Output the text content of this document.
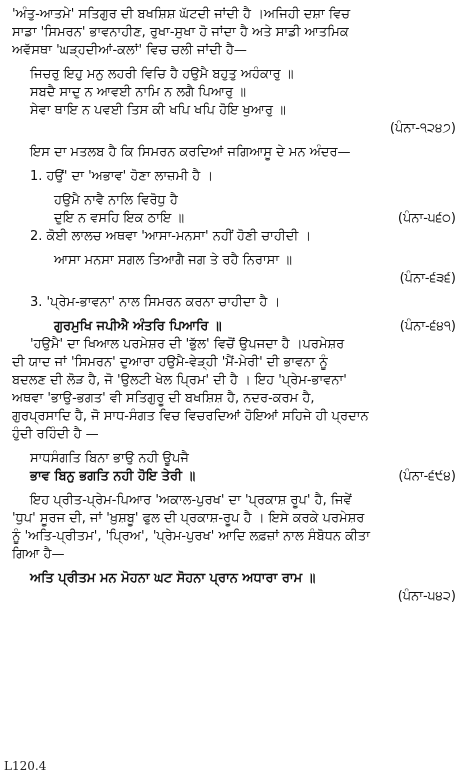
'ਅੰਤੁ-ਆਤਮੇ' ਸਤਿਗੁਰ ਦੀ ਬਖਸ਼ਿਸ਼ ਘੱਟਦੀ ਜਾਂਦੀ ਹੈ ।ਅਜਿਹੀ ਦਸ਼ਾ ਵਿਚ
ਸਾਡਾ 'ਸਿਮਰਨ' ਭਾਵਨਾਹੀਣ, ਰੁਖਾ-ਸੁਖਾ ਹੋ ਜਾਂਦਾ ਹੈ ਅਤੇ ਸਾਡੀ ਆਤਮਿਕ
ਅਵੱਸਥਾ 'ਘੜ੍ਹਦੀਆਂ-ਕਲਾਂ' ਵਿਚ ਚਲੀ ਜਾਂਦੀ ਹੈ—
ਜਿਚਰੁ ਇਹੁ ਮਨੁ ਲਹਰੀ ਵਿਚਿ ਹੈ ਹਉਮੈ ਬਹੁਤੁ ਅਹੰਕਾਰੁ ॥
ਸਬਦੈ ਸਾਦੁ ਨ ਆਵਈ ਨਾਮਿ ਨ ਲਗੈ ਪਿਆਰੁ ॥
ਸੇਵਾ ਥਾਇ ਨ ਪਵਈ ਤਿਸ ਕੀ ਖਪਿ ਖਪਿ ਹੋਇ ਖੁਆਰੁ ॥
(ਪੰਨਾ-੧੨੪੭)
ਇਸ ਦਾ ਮਤਲਬ ਹੈ ਕਿ ਸਿਮਰਨ ਕਰਦਿਆਂ ਜਗਿਆਸੂ ਦੇ ਮਨ ਅੰਦਰ—
1. ਹਉਂ' ਦਾ 'ਅਭਾਵ' ਹੋਣਾ ਲਾਜ਼ਮੀ ਹੈ ।
ਹਉਮੈ ਨਾਵੈ ਨਾਲਿ ਵਿਰੋਧੁ ਹੈ
ਦੁਇ ਨ ਵਸਹਿ ਇਕ ਠਾਇ ॥	(ਪੰਨਾ-੫੬੦)
2. ਕੋਈ ਲਾਲਚ ਅਥਵਾ 'ਆਸਾ-ਮਨਸਾ' ਨਹੀਂ ਹੋਣੀ ਚਾਹੀਦੀ ।
ਆਸਾ ਮਨਸਾ ਸਗਲ ਤਿਆਗੈ ਜਗ ਤੇ ਰਹੈ ਨਿਰਾਸਾ ॥
(ਪੰਨਾ-੬੩੬)
3. 'ਪ੍ਰੇਮ-ਭਾਵਨਾ' ਨਾਲ ਸਿਮਰਨ ਕਰਨਾ ਚਾਹੀਦਾ ਹੈ ।
ਗੁਰਮੁਖਿ ਜਪੀਐ ਅੰਤਰਿ ਪਿਆਰਿ ॥	(ਪੰਨਾ-੬੪੧)
'ਹਉਮੈ' ਦਾ ਖਿਆਲ ਪਰਮੇਸ਼ਰ ਦੀ 'ਭੁੱਲ' ਵਿਚੋਂ ਉਪਜਦਾ ਹੈ ।ਪਰਮੇਸ਼ਰ
ਦੀ ਯਾਦ ਜਾਂ 'ਸਿਮਰਨ' ਦੁਆਰਾ ਹਉਮੈ-ਵੇੜ੍ਹੀ 'ਮੈਂ-ਮੇਰੀ' ਦੀ ਭਾਵਨਾ ਨੂੰ
ਬਦਲਣ ਦੀ ਲੋੜ ਹੈ, ਜੋ 'ਉਲਟੀ ਖੇਲ ਪ੍ਰਿਮ' ਦੀ ਹੈ । ਇਹ 'ਪ੍ਰੇਮ-ਭਾਵਨਾ'
ਅਥਵਾ 'ਭਾਉ-ਭਗਤ' ਵੀ ਸਤਿਗੁਰੂ ਦੀ ਬਖਸ਼ਿਸ਼ ਹੈ, ਨਦਰ-ਕਰਮ ਹੈ,
ਗੁਰਪ੍ਰਸਾਦਿ ਹੈ, ਜੋ ਸਾਧ-ਸੰਗਤ ਵਿਚ ਵਿਚਰਦਿਆਂ ਹੋਇਆਂ ਸਹਿਜੇ ਹੀ ਪ੍ਰਦਾਨ
ਹੁੰਦੀ ਰਹਿੰਦੀ ਹੈ —
ਸਾਧਸੰਗਤਿ ਬਿਨਾ ਭਾਉ ਨਹੀ ਊਪਜੈ
ਭਾਵ ਬਿਨੁ ਭਗਤਿ ਨਹੀ ਹੋਇ ਤੇਰੀ ॥	(ਪੰਨਾ-੬੯੪)
ਇਹ ਪ੍ਰੀਤ-ਪ੍ਰੇਮ-ਪਿਆਰ 'ਅਕਾਲ-ਪੁਰਖ' ਦਾ 'ਪ੍ਰਕਾਸ਼ ਰੂਪ' ਹੈ, ਜਿਵੇਂ
'ਧੁਪ' ਸੂਰਜ ਦੀ, ਜਾਂ 'ਖ਼ੁਸ਼ਬੂ' ਫੁਲ ਦੀ ਪ੍ਰਕਾਸ਼-ਰੂਪ ਹੈ । ਇਸੇ ਕਰਕੇ ਪਰਮੇਸ਼ਰ
ਨੂੰ 'ਅਤਿ-ਪ੍ਰੀਤਮ', 'ਪ੍ਰਿਅ', 'ਪ੍ਰੇਮ-ਪੁਰਖ' ਆਦਿ ਲਫ਼ਜ਼ਾਂ ਨਾਲ ਸੰਬੋਧਨ ਕੀਤਾ
ਗਿਆ ਹੈ—
ਅਤਿ ਪ੍ਰੀਤਮ ਮਨ ਮੋਹਨਾ ਘਟ ਸੋਹਨਾ ਪ੍ਰਾਨ ਅਧਾਰਾ ਰਾਮ ॥
(ਪੰਨਾ-੫੪੨)
L120.4
